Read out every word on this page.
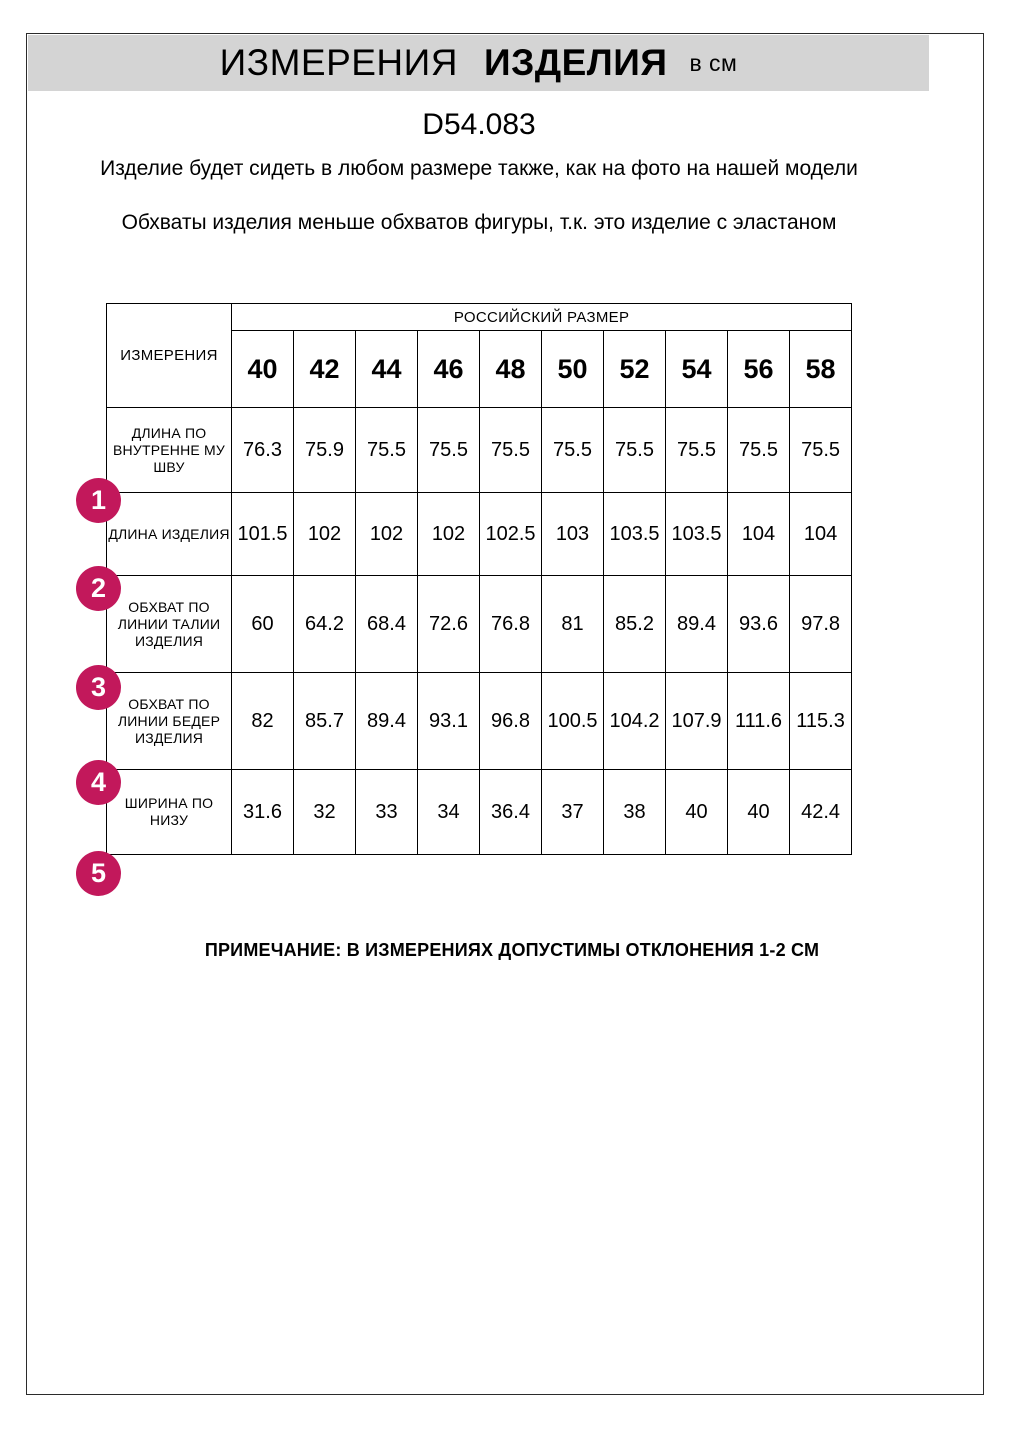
ИЗМЕРЕНИЯ ИЗДЕЛИЯ в см
D54.083
Изделие будет сидеть в любом размере также, как на фото на нашей модели
Обхваты изделия меньше обхватов фигуры, т.к. это изделие с эластаном
ИЗМЕРЕНИЯ	РОССИЙСКИЙ РАЗМЕР									
	40	42	44	46	48	50	52	54	56	58
ДЛИНА ПО ВНУТРЕННЕ МУ ШВУ	76.3	75.9	75.5	75.5	75.5	75.5	75.5	75.5	75.5	75.5
ДЛИНА ИЗДЕЛИЯ	101.5	102	102	102	102.5	103	103.5	103.5	104	104
ОБХВАТ ПО ЛИНИИ ТАЛИИ ИЗДЕЛИЯ	60	64.2	68.4	72.6	76.8	81	85.2	89.4	93.6	97.8
ОБХВАТ ПО ЛИНИИ БЕДЕР ИЗДЕЛИЯ	82	85.7	89.4	93.1	96.8	100.5	104.2	107.9	111.6	115.3
ШИРИНА ПО НИЗУ	31.6	32	33	34	36.4	37	38	40	40	42.4
1
2
3
4
5
ПРИМЕЧАНИЕ: В ИЗМЕРЕНИЯХ ДОПУСТИМЫ ОТКЛОНЕНИЯ 1-2 СМ
